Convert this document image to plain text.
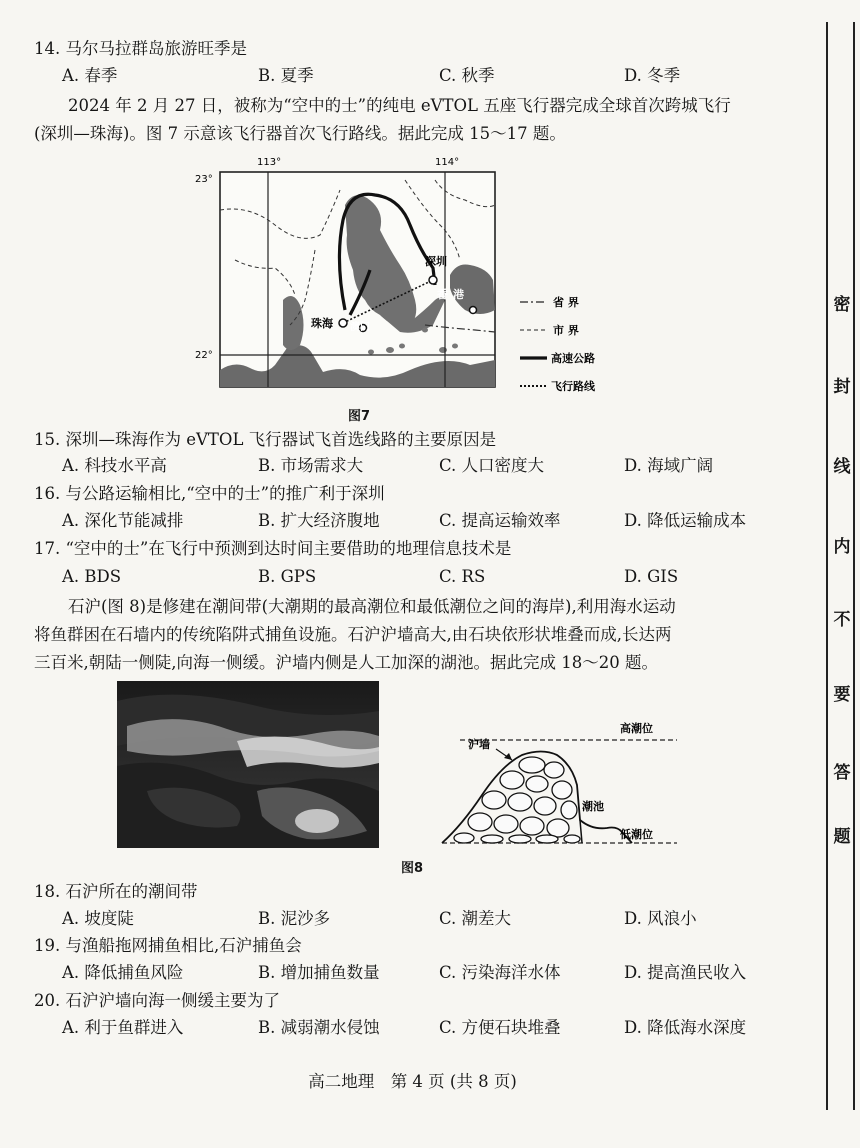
14. 马尔马拉群岛旅游旺季是
A. 春季	B. 夏季	C. 秋季	D. 冬季
2024 年 2 月 27 日，被称为“空中的士”的纯电 eVTOL 五座飞行器完成全球首次跨城飞行
(深圳—珠海)。图 7 示意该飞行器首次飞行路线。据此完成 15～17 题。
113°	114°
23°
22°
深圳
香 港
珠海 澳门
省 界
市 界
高速公路
飞行路线
图7
15. 深圳—珠海作为 eVTOL 飞行器试飞首选线路的主要原因是
A. 科技水平高	B. 市场需求大	C. 人口密度大	D. 海域广阔
16. 与公路运输相比,“空中的士”的推广利于深圳
A. 深化节能减排	B. 扩大经济腹地	C. 提高运输效率	D. 降低运输成本
17. “空中的士”在飞行中预测到达时间主要借助的地理信息技术是
A. BDS	B. GPS	C. RS	D. GIS
石沪(图 8)是修建在潮间带(大潮期的最高潮位和最低潮位之间的海岸),利用海水运动
将鱼群困在石墙内的传统陷阱式捕鱼设施。石沪沪墙高大,由石块依形状堆叠而成,长达两
三百米,朝陆一侧陡,向海一侧缓。沪墙内侧是人工加深的湖池。据此完成 18～20 题。
高潮位
低潮位
沪墙
潮池
图8
18. 石沪所在的潮间带
A. 坡度陡	B. 泥沙多	C. 潮差大	D. 风浪小
19. 与渔船拖网捕鱼相比,石沪捕鱼会
A. 降低捕鱼风险	B. 增加捕鱼数量	C. 污染海洋水体	D. 提高渔民收入
20. 石沪沪墙向海一侧缓主要为了
A. 利于鱼群进入	B. 减弱潮水侵蚀	C. 方便石块堆叠	D. 降低海水深度
高二地理　第 4 页 (共 8 页)
密
封
线
内
不
要
答
题
